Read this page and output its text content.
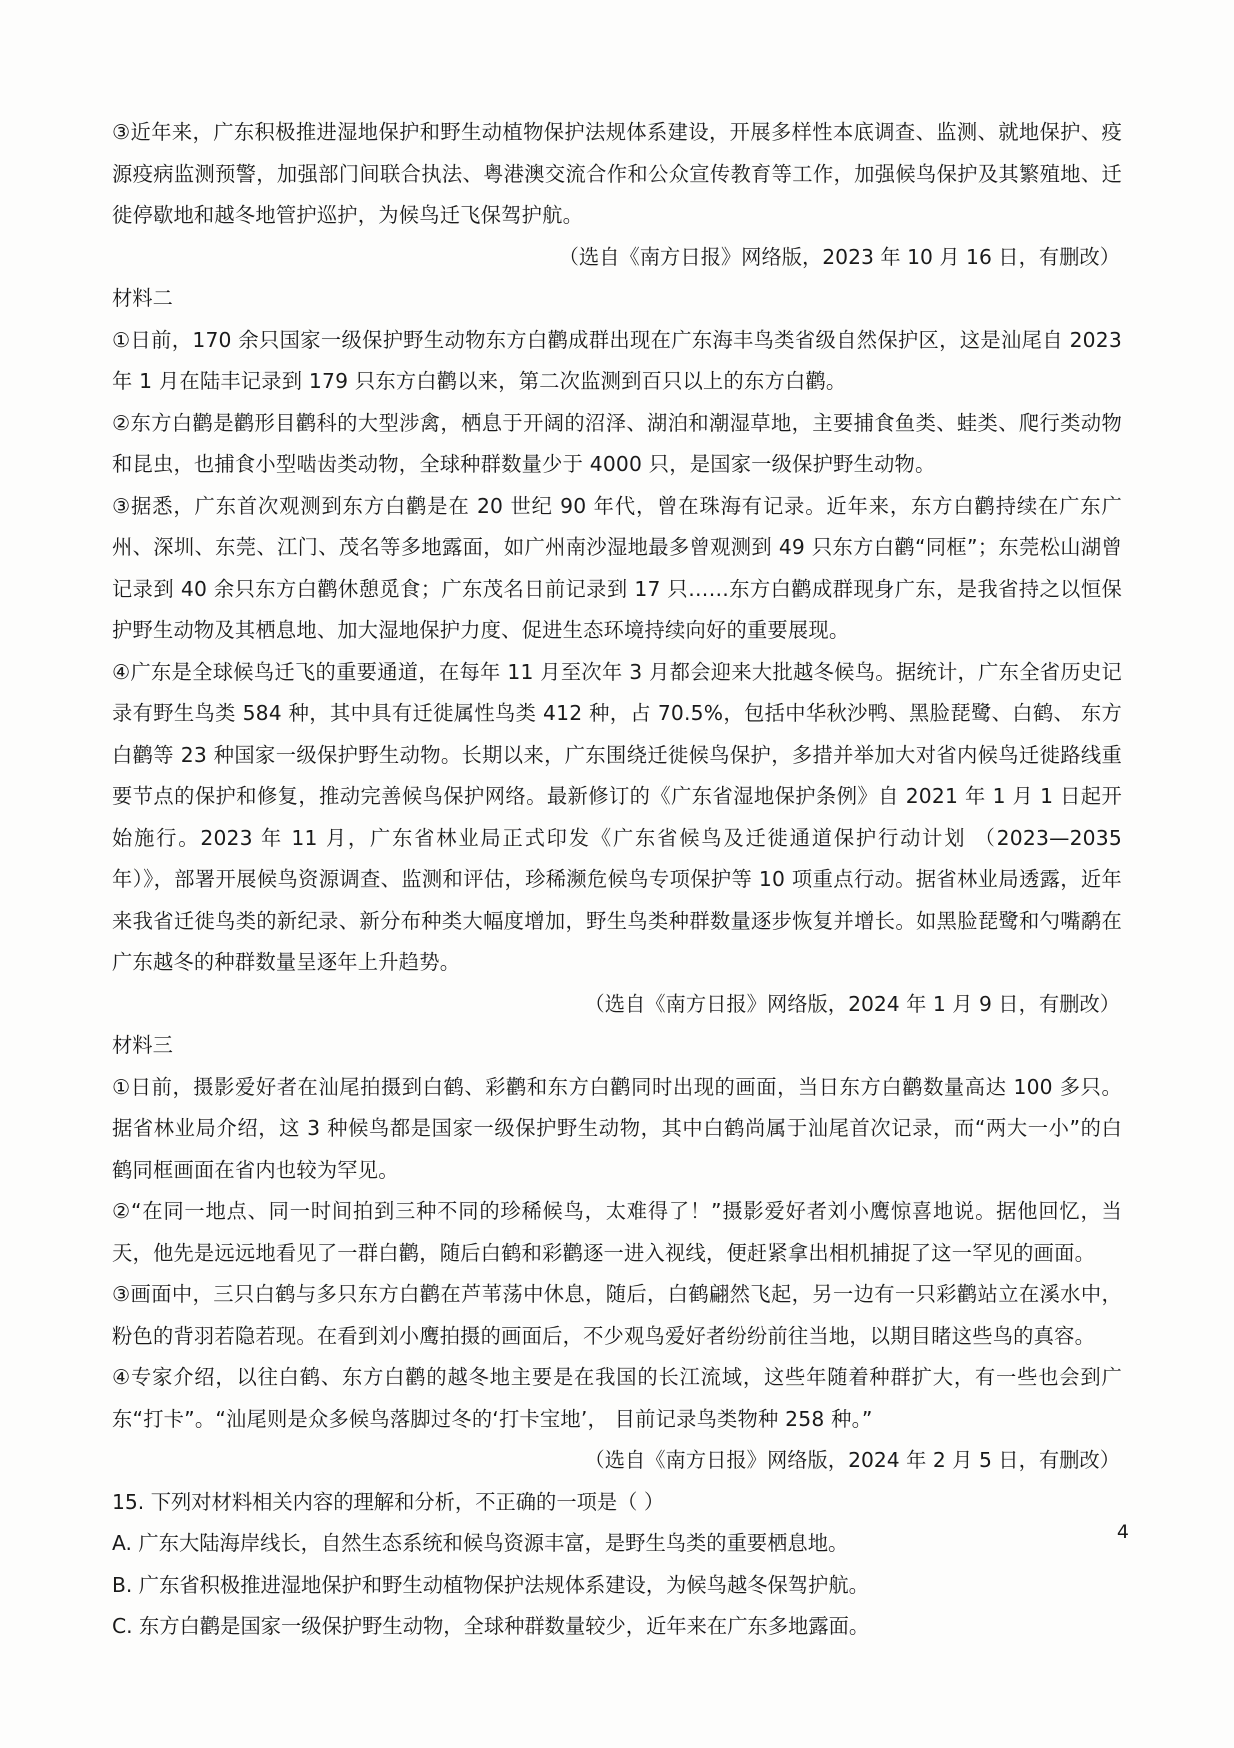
③近年来，广东积极推进湿地保护和野生动植物保护法规体系建设，开展多样性本底调查、监测、就地保护、疫源疫病监测预警，加强部门间联合执法、粤港澳交流合作和公众宣传教育等工作，加强候鸟保护及其繁殖地、迁徙停歇地和越冬地管护巡护，为候鸟迁飞保驾护航。

（选自《南方日报》网络版，2023 年 10 月 16 日，有删改）

材料二

①日前，170 余只国家一级保护野生动物东方白鹳成群出现在广东海丰鸟类省级自然保护区，这是汕尾自 2023 年 1 月在陆丰记录到 179 只东方白鹳以来，第二次监测到百只以上的东方白鹳。

②东方白鹳是鹳形目鹳科的大型涉禽，栖息于开阔的沼泽、湖泊和潮湿草地，主要捕食鱼类、蛙类、爬行类动物和昆虫，也捕食小型啮齿类动物，全球种群数量少于 4000 只，是国家一级保护野生动物。

③据悉，广东首次观测到东方白鹳是在 20 世纪 90 年代，曾在珠海有记录。近年来，东方白鹳持续在广东广州、深圳、东莞、江门、茂名等多地露面，如广州南沙湿地最多曾观测到 49 只东方白鹳“同框”；东莞松山湖曾记录到 40 余只东方白鹳休憩觅食；广东茂名日前记录到 17 只……东方白鹳成群现身广东，是我省持之以恒保护野生动物及其栖息地、加大湿地保护力度、促进生态环境持续向好的重要展现。

④广东是全球候鸟迁飞的重要通道，在每年 11 月至次年 3 月都会迎来大批越冬候鸟。据统计，广东全省历史记录有野生鸟类 584 种，其中具有迁徙属性鸟类 412 种，占 70.5%，包括中华秋沙鸭、黑脸琵鹭、白鹤、 东方白鹳等 23 种国家一级保护野生动物。长期以来，广东围绕迁徙候鸟保护，多措并举加大对省内候鸟迁徙路线重要节点的保护和修复，推动完善候鸟保护网络。最新修订的《广东省湿地保护条例》自 2021 年 1 月 1 日起开始施行。2023 年 11 月，广东省林业局正式印发《广东省候鸟及迁徙通道保护行动计划 （2023—2035 年）》，部署开展候鸟资源调查、监测和评估，珍稀濒危候鸟专项保护等 10 项重点行动。据省林业局透露，近年来我省迁徙鸟类的新纪录、新分布种类大幅度增加，野生鸟类种群数量逐步恢复并增长。如黑脸琵鹭和勺嘴鹬在广东越冬的种群数量呈逐年上升趋势。

（选自《南方日报》网络版，2024 年 1 月 9 日，有删改）

材料三

①日前，摄影爱好者在汕尾拍摄到白鹤、彩鹳和东方白鹳同时出现的画面，当日东方白鹳数量高达 100 多只。据省林业局介绍，这 3 种候鸟都是国家一级保护野生动物，其中白鹤尚属于汕尾首次记录，而“两大一小”的白鹤同框画面在省内也较为罕见。

②“在同一地点、同一时间拍到三种不同的珍稀候鸟，太难得了！”摄影爱好者刘小鹰惊喜地说。据他回忆，当天，他先是远远地看见了一群白鹳，随后白鹤和彩鹳逐一进入视线，便赶紧拿出相机捕捉了这一罕见的画面。

③画面中，三只白鹤与多只东方白鹳在芦苇荡中休息，随后，白鹤翩然飞起，另一边有一只彩鹳站立在溪水中，粉色的背羽若隐若现。在看到刘小鹰拍摄的画面后，不少观鸟爱好者纷纷前往当地，以期目睹这些鸟的真容。

④专家介绍，以往白鹤、东方白鹳的越冬地主要是在我国的长江流域，这些年随着种群扩大，有一些也会到广东“打卡”。“汕尾则是众多候鸟落脚过冬的‘打卡宝地’， 目前记录鸟类物种 258 种。”

（选自《南方日报》网络版，2024 年 2 月 5 日，有删改）

15. 下列对材料相关内容的理解和分析，不正确的一项是（ ）

A. 广东大陆海岸线长，自然生态系统和候鸟资源丰富，是野生鸟类的重要栖息地。

B. 广东省积极推进湿地保护和野生动植物保护法规体系建设，为候鸟越冬保驾护航。

C. 东方白鹳是国家一级保护野生动物，全球种群数量较少，近年来在广东多地露面。

4
